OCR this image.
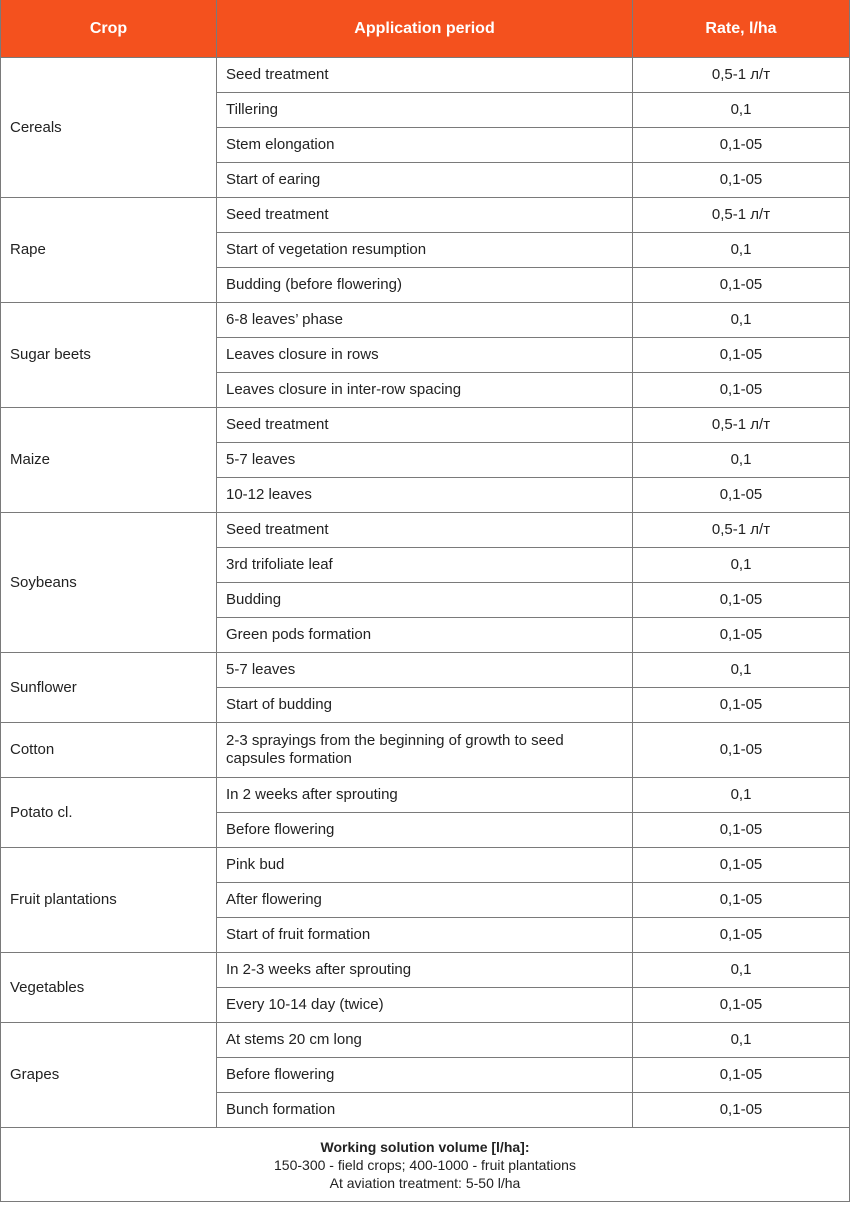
Crop	Application period	Rate, l/ha
Cereals	Seed treatment	0,5-1 л/т
	Tillering	0,1
	Stem elongation	0,1-05
	Start of earing	0,1-05
Rape	Seed treatment	0,5-1 л/т
	Start of vegetation resumption	0,1
	Budding (before flowering)	0,1-05
Sugar beets	6-8 leaves’ phase	0,1
	Leaves closure in rows	0,1-05
	Leaves closure in inter-row spacing	0,1-05
Maize	Seed treatment	0,5-1 л/т
	5-7 leaves	0,1
	10-12 leaves	0,1-05
Soybeans	Seed treatment	0,5-1 л/т
	3rd trifoliate leaf	0,1
	Budding	0,1-05
	Green pods formation	0,1-05
Sunflower	5-7 leaves	0,1
	Start of budding	0,1-05
Cotton	2-3 sprayings from the beginning of growth to seed capsules formation	0,1-05
Potato cl.	In 2 weeks after sprouting	0,1
	Before flowering	0,1-05
Fruit plantations	Pink bud	0,1-05
	After flowering	0,1-05
	Start of fruit formation	0,1-05
Vegetables	In 2-3 weeks after sprouting	0,1
	Every 10-14 day (twice)	0,1-05
Grapes	At stems 20 cm long	0,1
	Before flowering	0,1-05
	Bunch formation	0,1-05

Working solution volume [l/ha]:
150-300 - field crops; 400-1000 - fruit plantations
At aviation treatment: 5-50 l/ha		
